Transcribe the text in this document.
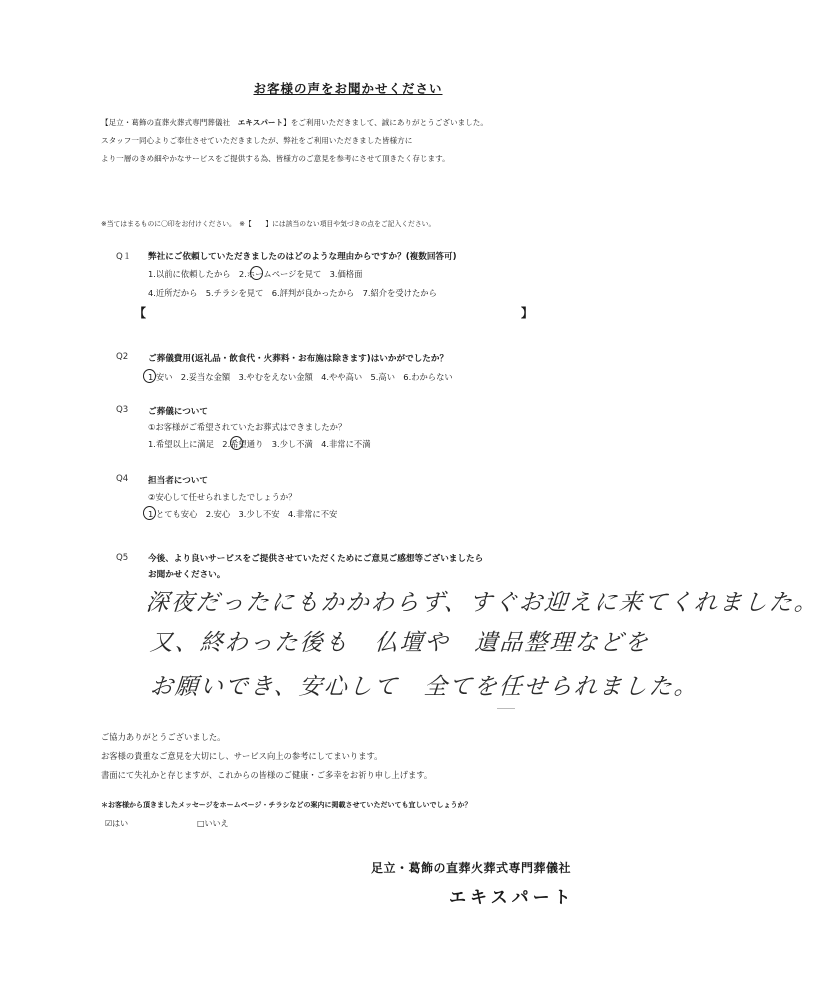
お客様の声をお聞かせください
【足立・葛飾の直葬火葬式専門葬儀社　エキスパート】をご利用いただきまして、誠にありがとうございました。
スタッフ一同心よりご奉仕させていただきましたが、弊社をご利用いただきました皆様方に
より一層のきめ細やかなサービスをご提供する為、皆様方のご意見を参考にさせて頂きたく存じます。
※当てはまるものに〇印をお付けください。　※【　　】には該当のない項目や気づきの点をご記入ください。
Q１ 弊社にご依頼していただきましたのはどのような理由からですか？(複数回答可)
1.以前に依頼したから　2.ホームページを見て　3.価格面
4.近所だから　5.チラシを見て　6.評判が良かったから　7.紹介を受けたから
【	】
Q2 ご葬儀費用(返礼品・飲食代・火葬料・お布施は除きます)はいかがでしたか？
1.安い　2.妥当な金額　3.やむをえない金額　4.やや高い　5.高い　6.わからない
Q3 ご葬儀について
①お客様がご希望されていたお葬式はできましたか？
1.希望以上に満足　2.希望通り　3.少し不満　4.非常に不満
Q4 担当者について
②安心して任せられましたでしょうか？
1.とても安心　2.安心　3.少し不安　4.非常に不安
Q5 今後、より良いサービスをご提供させていただくためにご意見ご感想等ございましたら
お聞かせください。
深夜だったにもかかわらず、すぐお迎えに来てくれました。
又、終わった後も　仏壇や　遺品整理などを
お願いでき、安心して　全てを任せられました。
ご協力ありがとうございました。
お客様の貴重なご意見を大切にし、サービス向上の参考にしてまいります。
書面にて失礼かと存じますが、これからの皆様のご健康・ご多幸をお祈り申し上げます。
＊お客様から頂きましたメッセージをホームページ・チラシなどの案内に掲載させていただいても宜しいでしょうか？
☑はい	□いいえ
足立・葛飾の直葬火葬式専門葬儀社
エキスパート
